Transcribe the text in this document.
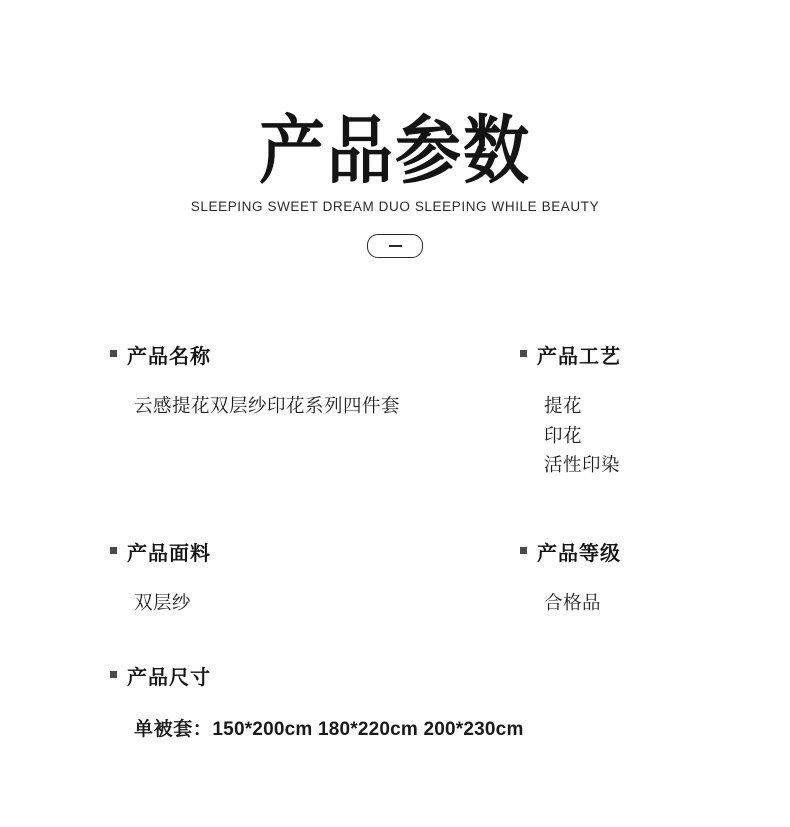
产品参数
SLEEPING SWEET DREAM DUO SLEEPING WHILE BEAUTY
产品名称
云感提花双层纱印花系列四件套
产品工艺
提花
印花
活性印染
产品面料
双层纱
产品等级
合格品
产品尺寸
单被套：150*200cm 180*220cm 200*230cm
